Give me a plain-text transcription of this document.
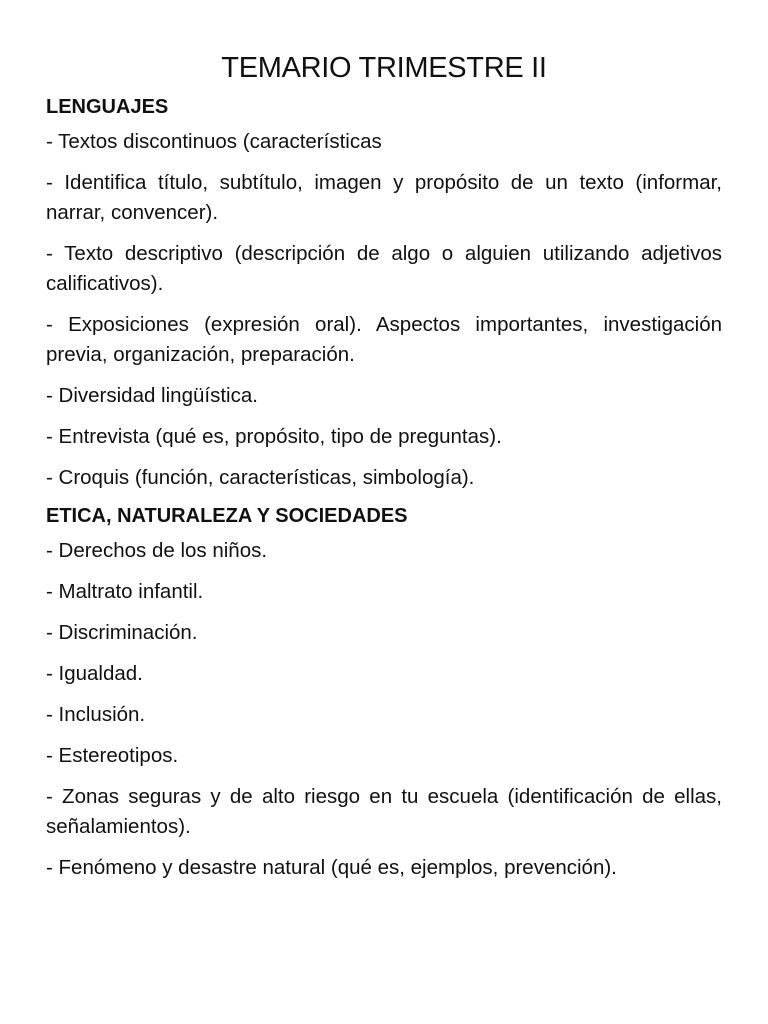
TEMARIO TRIMESTRE II

LENGUAJES

- Textos discontinuos (características

- Identifica título, subtítulo, imagen y propósito de un texto (informar, narrar, convencer).

- Texto descriptivo (descripción de algo o alguien utilizando adjetivos calificativos).

- Exposiciones (expresión oral). Aspectos importantes, investigación previa, organización, preparación.

- Diversidad lingüística.

- Entrevista (qué es, propósito, tipo de preguntas).

- Croquis (función, características, simbología).

ETICA, NATURALEZA Y SOCIEDADES

- Derechos de los niños.

- Maltrato infantil.

- Discriminación.

- Igualdad.

- Inclusión.

- Estereotipos.

- Zonas seguras y de alto riesgo en tu escuela (identificación de ellas, señalamientos).

- Fenómeno y desastre natural (qué es, ejemplos, prevención).
